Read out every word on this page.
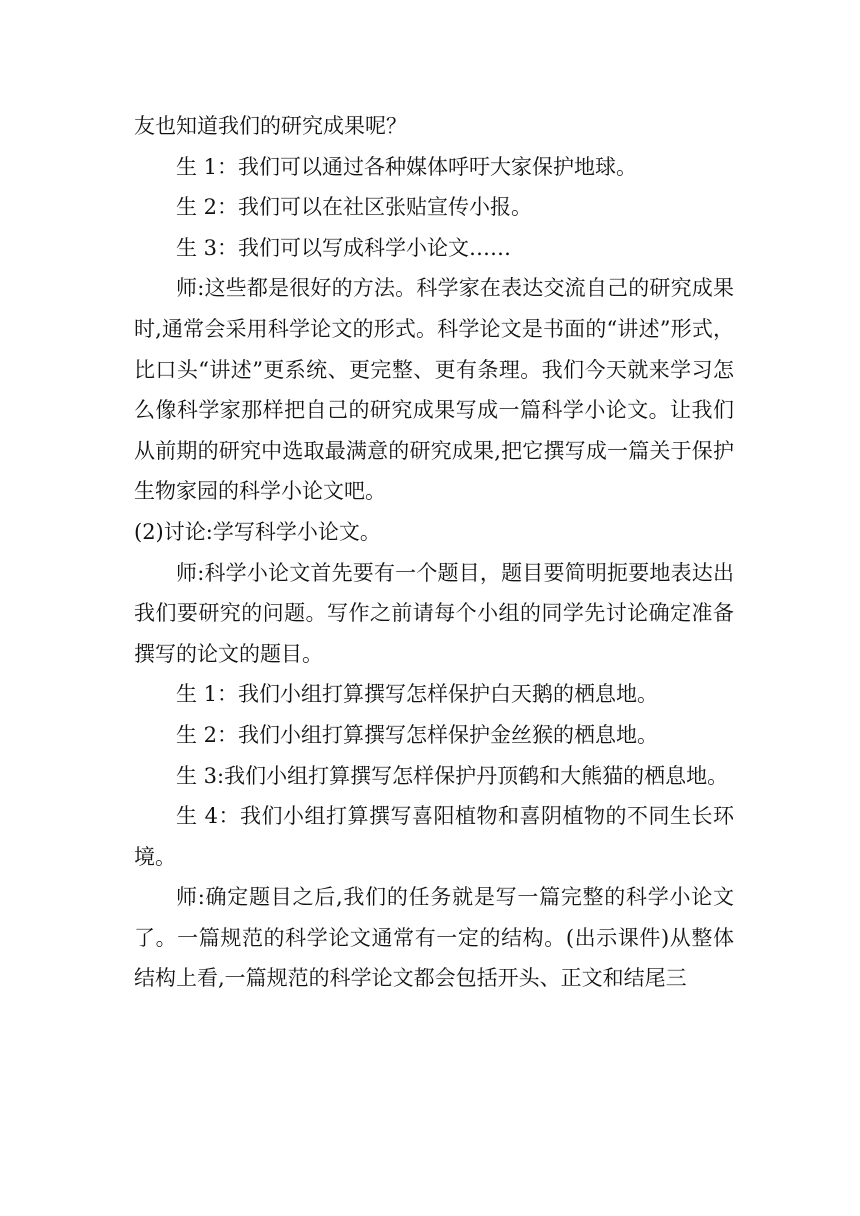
友也知道我们的研究成果呢？

生 1：我们可以通过各种媒体呼吁大家保护地球。

生 2：我们可以在社区张贴宣传小报。

生 3：我们可以写成科学小论文……

师:这些都是很好的方法。科学家在表达交流自己的研究成果时,通常会采用科学论文的形式。科学论文是书面的“讲述”形式，比口头“讲述”更系统、更完整、更有条理。我们今天就来学习怎么像科学家那样把自己的研究成果写成一篇科学小论文。让我们从前期的研究中选取最满意的研究成果,把它撰写成一篇关于保护生物家园的科学小论文吧。

(2)讨论:学写科学小论文。

师:科学小论文首先要有一个题目，题目要简明扼要地表达出我们要研究的问题。写作之前请每个小组的同学先讨论确定准备撰写的论文的题目。

生 1：我们小组打算撰写怎样保护白天鹅的栖息地。

生 2：我们小组打算撰写怎样保护金丝猴的栖息地。

生 3:我们小组打算撰写怎样保护丹顶鹤和大熊猫的栖息地。

生 4：我们小组打算撰写喜阳植物和喜阴植物的不同生长环境。

师:确定题目之后,我们的任务就是写一篇完整的科学小论文了。一篇规范的科学论文通常有一定的结构。(出示课件)从整体结构上看,一篇规范的科学论文都会包括开头、正文和结尾三
